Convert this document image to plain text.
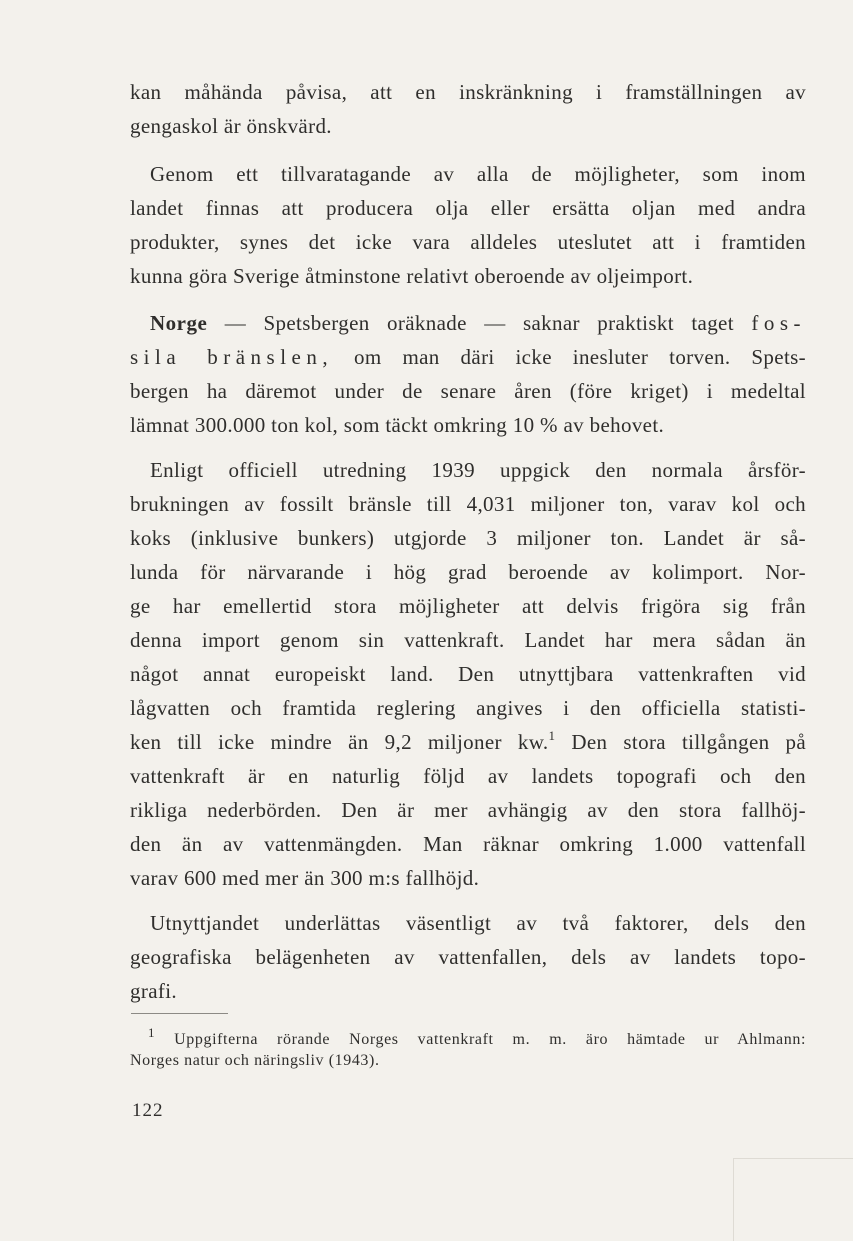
kan måhända påvisa, att en inskränkning i framställningen av
gengaskol är önskvärd.
Genom ett tillvaratagande av alla de möjligheter, som inom
landet finnas att producera olja eller ersätta oljan med andra
produkter, synes det icke vara alldeles uteslutet att i framtiden
kunna göra Sverige åtminstone relativt oberoende av oljeimport.
Norge — Spetsbergen oräknade — saknar praktiskt taget fos-
sila bränslen, om man däri icke inesluter torven. Spets-
bergen ha däremot under de senare åren (före kriget) i medeltal
lämnat 300.000 ton kol, som täckt omkring 10 % av behovet.
Enligt officiell utredning 1939 uppgick den normala årsför-
brukningen av fossilt bränsle till 4,031 miljoner ton, varav kol och
koks (inklusive bunkers) utgjorde 3 miljoner ton. Landet är så-
lunda för närvarande i hög grad beroende av kolimport. Nor-
ge har emellertid stora möjligheter att delvis frigöra sig från
denna import genom sin vattenkraft. Landet har mera sådan än
något annat europeiskt land. Den utnyttjbara vattenkraften vid
lågvatten och framtida reglering angives i den officiella statisti-
ken till icke mindre än 9,2 miljoner kw.$^1$ Den stora tillgången på
vattenkraft är en naturlig följd av landets topografi och den
rikliga nederbörden. Den är mer avhängig av den stora fallhöj-
den än av vattenmängden. Man räknar omkring 1.000 vattenfall
varav 600 med mer än 300 m:s fallhöjd.
Utnyttjandet underlättas väsentligt av två faktorer, dels den
geografiska belägenheten av vattenfallen, dels av landets topo-
grafi.
$^1$ Uppgifterna rörande Norges vattenkraft m. m. äro hämtade ur Ahlmann:
Norges natur och näringsliv (1943).
122
